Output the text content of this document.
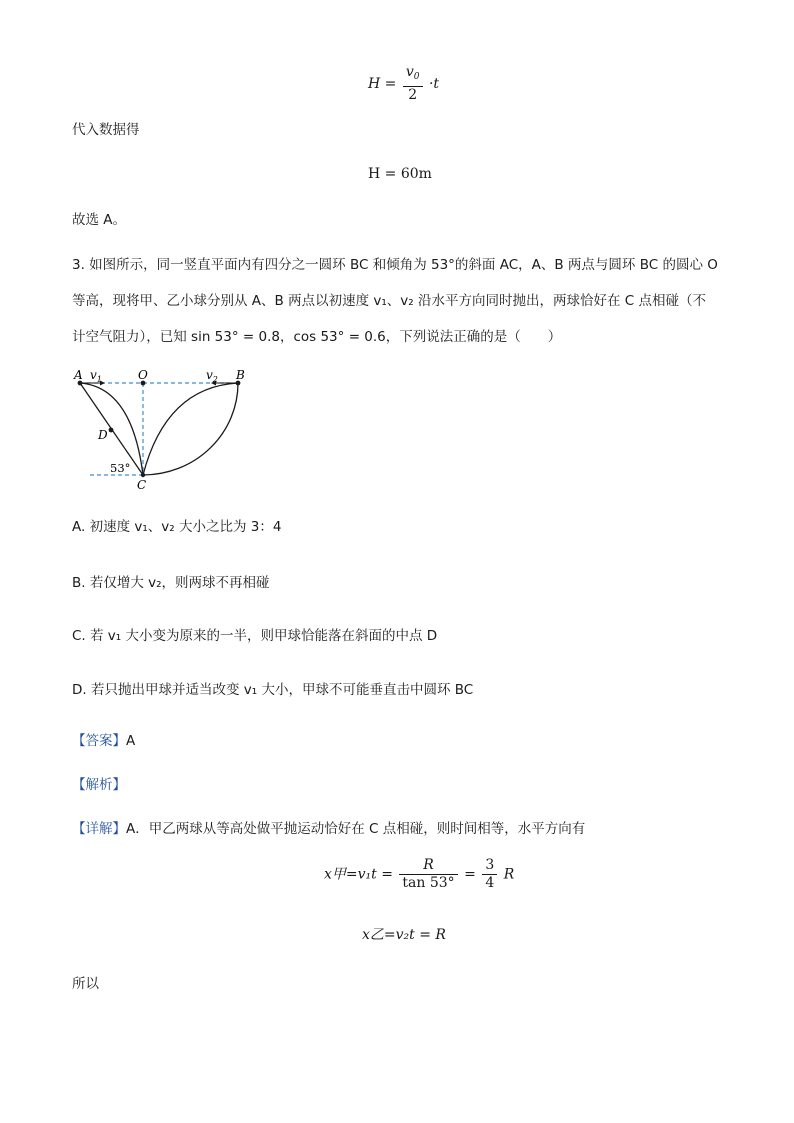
$H = \frac{v_0}{2} \cdot t$
代入数据得
H = 60m
故选 A。
3. 如图所示，同一竖直平面内有四分之一圆环 BC 和倾角为 53°的斜面 AC，A、B 两点与圆环 BC 的圆心 O
等高，现将甲、乙小球分别从 A、B 两点以初速度 v₁、v₂ 沿水平方向同时抛出，两球恰好在 C 点相碰（不
计空气阻力），已知 sin 53° = 0.8，cos 53° = 0.6，下列说法正确的是（　　）
A $v_1$	O	$v_2$ B
D
53°
C
A. 初速度 v₁、v₂ 大小之比为 3：4
B. 若仅增大 v₂，则两球不再相碰
C. 若 v₁ 大小变为原来的一半，则甲球恰能落在斜面的中点 D
D. 若只抛出甲球并适当改变 v₁ 大小，甲球不可能垂直击中圆环 BC
【答案】A
【解析】
【详解】A．甲乙两球从等高处做平抛运动恰好在 C 点相碰，则时间相等，水平方向有
x甲$=v_1t = \frac{R}{\tan 53^\circ} = \frac{3}{4}$ R
x乙=v₂t = R
所以
